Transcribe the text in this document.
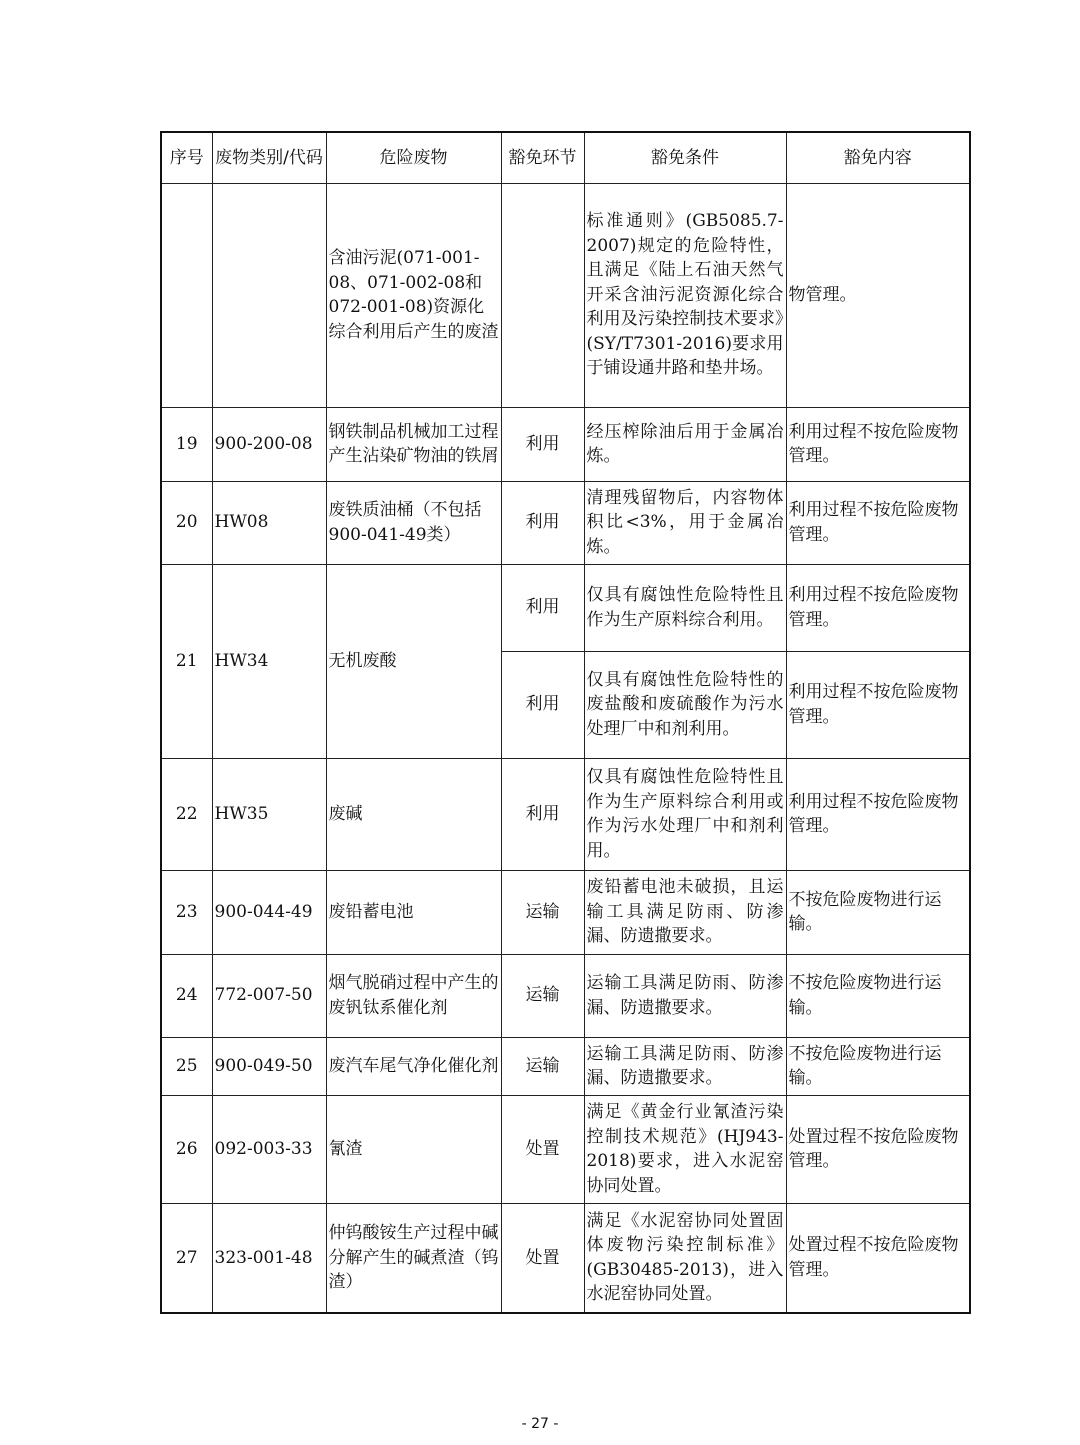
序号	废物类别/代码	危险废物	豁免环节	豁免条件	豁免内容
		含油污泥(071-001-08、071-002-08和072-001-08)资源化综合利用后产生的废渣		标准通则》(GB5085.7-2007)规定的危险特性，且满足《陆上石油天然气开采含油污泥资源化综合利用及污染控制技术要求》(SY/T7301-2016)要求用于铺设通井路和垫井场。	物管理。
19	900-200-08	钢铁制品机械加工过程产生沾染矿物油的铁屑	利用	经压榨除油后用于金属冶炼。	利用过程不按危险废物管理。
20	HW08	废铁质油桶（不包括900-041-49类）	利用	清理残留物后，内容物体积比<3%，用于金属冶炼。	利用过程不按危险废物管理。
21	HW34	无机废酸	利用	仅具有腐蚀性危险特性且作为生产原料综合利用。	利用过程不按危险废物管理。
			利用	仅具有腐蚀性危险特性的废盐酸和废硫酸作为污水处理厂中和剂利用。	利用过程不按危险废物管理。
22	HW35	废碱	利用	仅具有腐蚀性危险特性且作为生产原料综合利用或作为污水处理厂中和剂利用。	利用过程不按危险废物管理。
23	900-044-49	废铅蓄电池	运输	废铅蓄电池未破损，且运输工具满足防雨、防渗漏、防遗撒要求。	不按危险废物进行运输。
24	772-007-50	烟气脱硝过程中产生的废钒钛系催化剂	运输	运输工具满足防雨、防渗漏、防遗撒要求。	不按危险废物进行运输。
25	900-049-50	废汽车尾气净化催化剂	运输	运输工具满足防雨、防渗漏、防遗撒要求。	不按危险废物进行运输。
26	092-003-33	氰渣	处置	满足《黄金行业氰渣污染控制技术规范》(HJ943-2018)要求，进入水泥窑协同处置。	处置过程不按危险废物管理。
27	323-001-48	仲钨酸铵生产过程中碱分解产生的碱煮渣（钨渣）	处置	满足《水泥窑协同处置固体废物污染控制标准》(GB30485-2013)，进入水泥窑协同处置。	处置过程不按危险废物管理。
- 27 -
